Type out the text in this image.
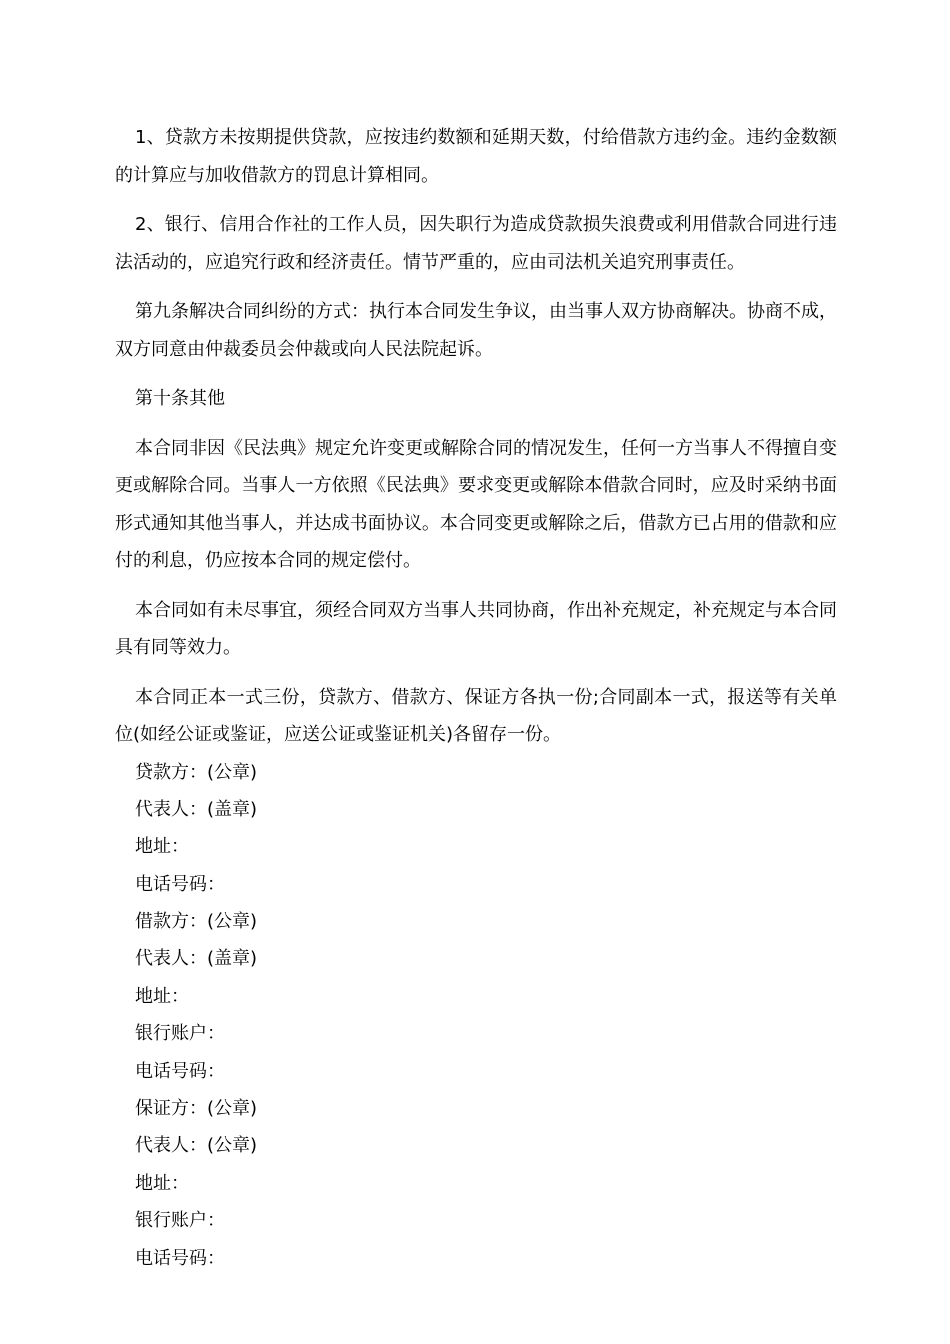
1、贷款方未按期提供贷款，应按违约数额和延期天数，付给借款方违约金。违约金数额的计算应与加收借款方的罚息计算相同。

2、银行、信用合作社的工作人员，因失职行为造成贷款损失浪费或利用借款合同进行违法活动的，应追究行政和经济责任。情节严重的，应由司法机关追究刑事责任。

第九条解决合同纠纷的方式：执行本合同发生争议，由当事人双方协商解决。协商不成，双方同意由仲裁委员会仲裁或向人民法院起诉。

第十条其他

本合同非因《民法典》规定允许变更或解除合同的情况发生，任何一方当事人不得擅自变更或解除合同。当事人一方依照《民法典》要求变更或解除本借款合同时，应及时采纳书面形式通知其他当事人，并达成书面协议。本合同变更或解除之后，借款方已占用的借款和应付的利息，仍应按本合同的规定偿付。

本合同如有未尽事宜，须经合同双方当事人共同协商，作出补充规定，补充规定与本合同具有同等效力。

本合同正本一式三份，贷款方、借款方、保证方各执一份;合同副本一式，报送等有关单位(如经公证或鉴证，应送公证或鉴证机关)各留存一份。

贷款方：(公章)
代表人：(盖章)
地址：
电话号码：
借款方：(公章)
代表人：(盖章)
地址：
银行账户：
电话号码：
保证方：(公章)
代表人：(公章)
地址：
银行账户：
电话号码：
